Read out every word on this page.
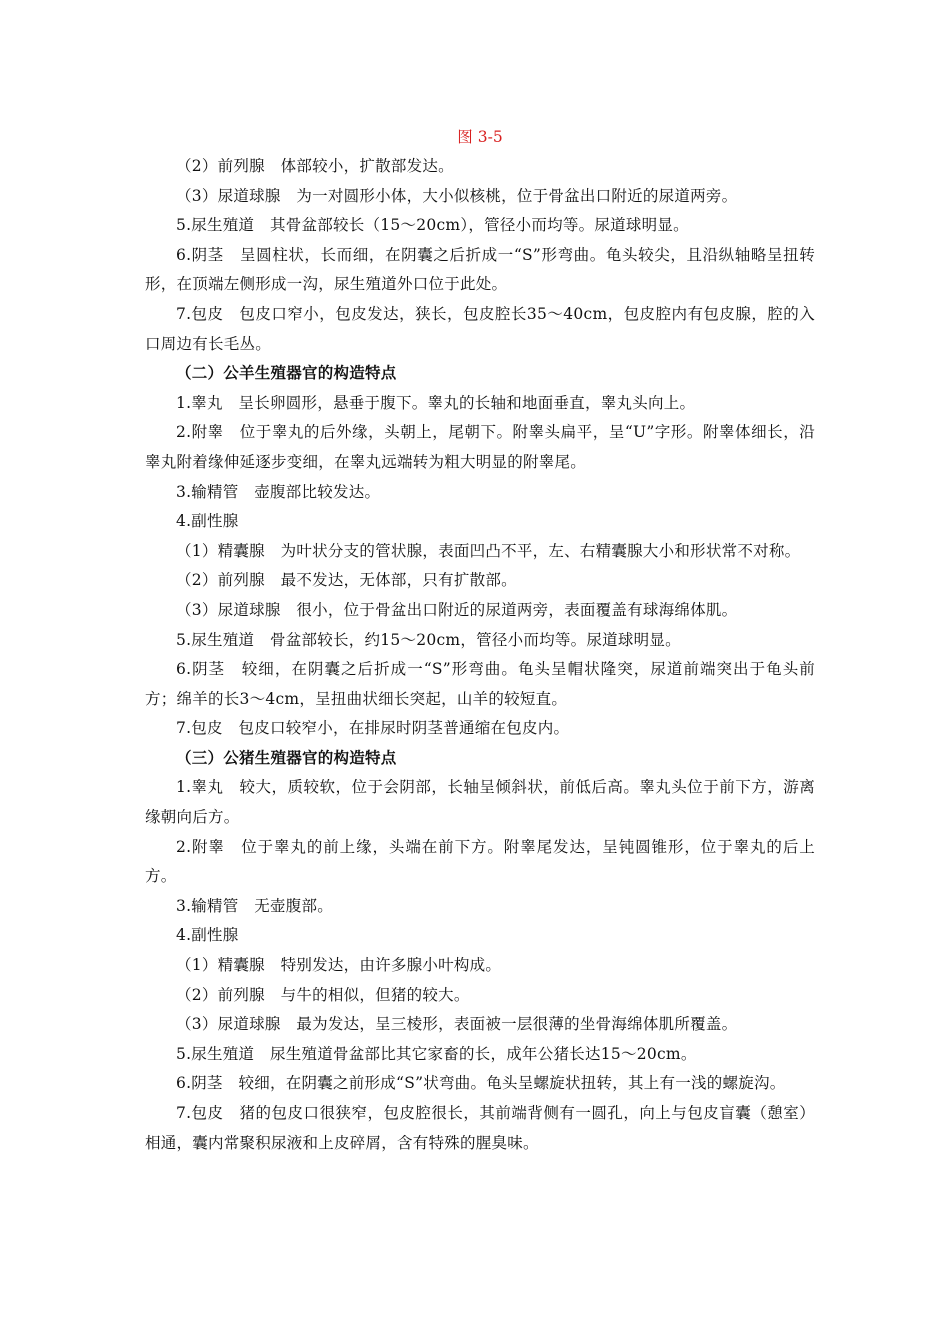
图 3-5

（2）前列腺　体部较小，扩散部发达。

（3）尿道球腺　为一对圆形小体，大小似核桃，位于骨盆出口附近的尿道两旁。

5.尿生殖道　其骨盆部较长（15～20cm），管径小而均等。尿道球明显。

6.阴茎　呈圆柱状，长而细，在阴囊之后折成一“S”形弯曲。龟头较尖，且沿纵轴略呈扭转形，在顶端左侧形成一沟，尿生殖道外口位于此处。

7.包皮　包皮口窄小，包皮发达，狭长，包皮腔长35～40cm，包皮腔内有包皮腺，腔的入口周边有长毛丛。

（二）公羊生殖器官的构造特点

1.睾丸　呈长卵圆形，悬垂于腹下。睾丸的长轴和地面垂直，睾丸头向上。

2.附睾　位于睾丸的后外缘，头朝上，尾朝下。附睾头扁平，呈“U”字形。附睾体细长，沿睾丸附着缘伸延逐步变细，在睾丸远端转为粗大明显的附睾尾。

3.输精管　壶腹部比较发达。

4.副性腺

（1）精囊腺　为叶状分支的管状腺，表面凹凸不平，左、右精囊腺大小和形状常不对称。

（2）前列腺　最不发达，无体部，只有扩散部。

（3）尿道球腺　很小，位于骨盆出口附近的尿道两旁，表面覆盖有球海绵体肌。

5.尿生殖道　骨盆部较长，约15～20cm，管径小而均等。尿道球明显。

6.阴茎　较细，在阴囊之后折成一“S”形弯曲。龟头呈帽状隆突，尿道前端突出于龟头前方；绵羊的长3～4cm，呈扭曲状细长突起，山羊的较短直。

7.包皮　包皮口较窄小，在排尿时阴茎普通缩在包皮内。

（三）公猪生殖器官的构造特点

1.睾丸　较大，质较软，位于会阴部，长轴呈倾斜状，前低后高。睾丸头位于前下方，游离缘朝向后方。

2.附睾　位于睾丸的前上缘，头端在前下方。附睾尾发达，呈钝圆锥形，位于睾丸的后上方。

3.输精管　无壶腹部。

4.副性腺

（1）精囊腺　特别发达，由许多腺小叶构成。

（2）前列腺　与牛的相似，但猪的较大。

（3）尿道球腺　最为发达，呈三棱形，表面被一层很薄的坐骨海绵体肌所覆盖。

5.尿生殖道　尿生殖道骨盆部比其它家畜的长，成年公猪长达15～20cm。

6.阴茎　较细，在阴囊之前形成“S”状弯曲。龟头呈螺旋状扭转，其上有一浅的螺旋沟。

7.包皮　猪的包皮口很狭窄，包皮腔很长，其前端背侧有一圆孔，向上与包皮盲囊（憩室）相通，囊内常聚积尿液和上皮碎屑，含有特殊的腥臭味。
